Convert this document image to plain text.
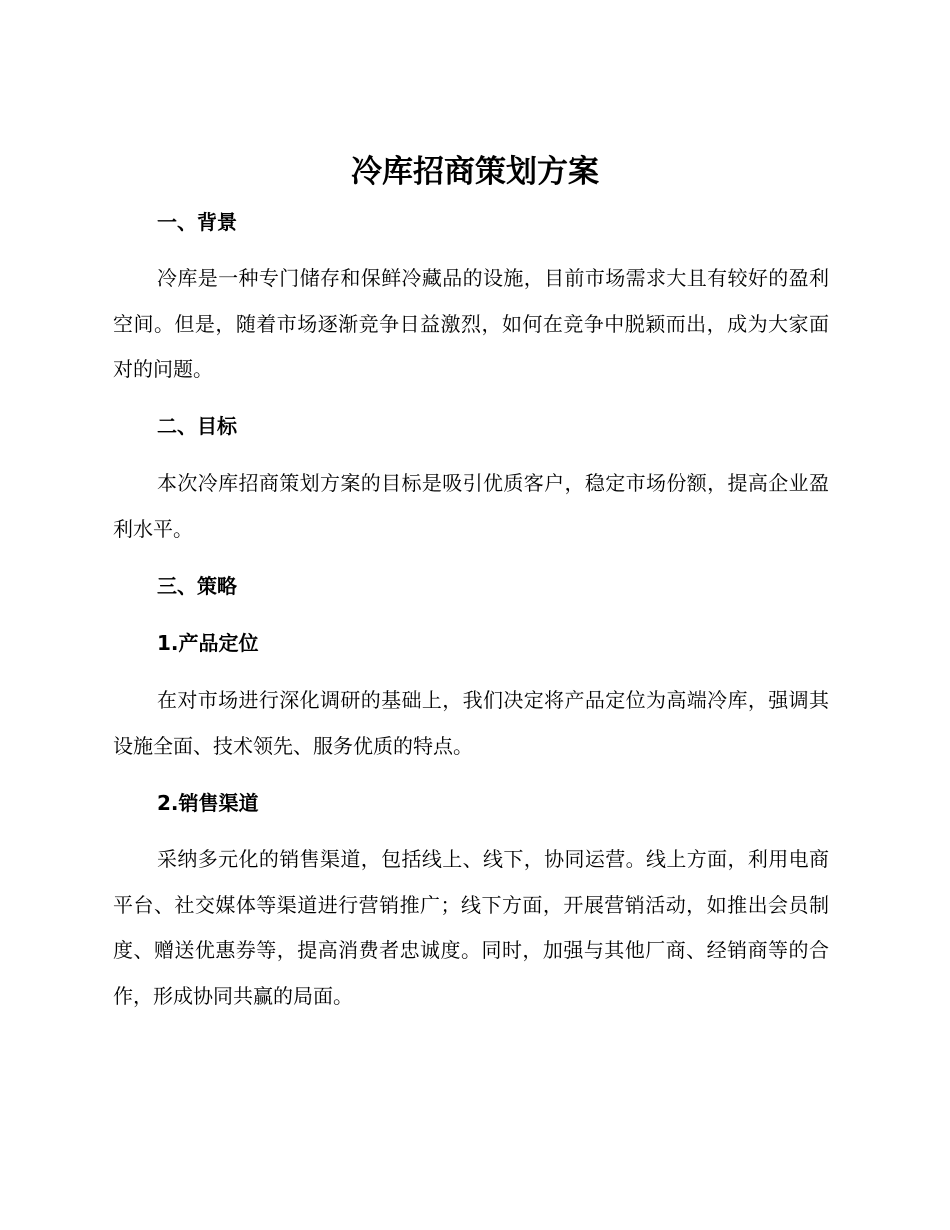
冷库招商策划方案
一、背景

冷库是一种专门储存和保鲜冷藏品的设施，目前市场需求大且有较好的盈利空间。但是，随着市场逐渐竞争日益激烈，如何在竞争中脱颖而出，成为大家面对的问题。

二、目标

本次冷库招商策划方案的目标是吸引优质客户，稳定市场份额，提高企业盈利水平。

三、策略
1.产品定位

在对市场进行深化调研的基础上，我们决定将产品定位为高端冷库，强调其设施全面、技术领先、服务优质的特点。

2.销售渠道

采纳多元化的销售渠道，包括线上、线下，协同运营。线上方面，利用电商平台、社交媒体等渠道进行营销推广；线下方面，开展营销活动，如推出会员制度、赠送优惠券等，提高消费者忠诚度。同时，加强与其他厂商、经销商等的合作，形成协同共赢的局面。
